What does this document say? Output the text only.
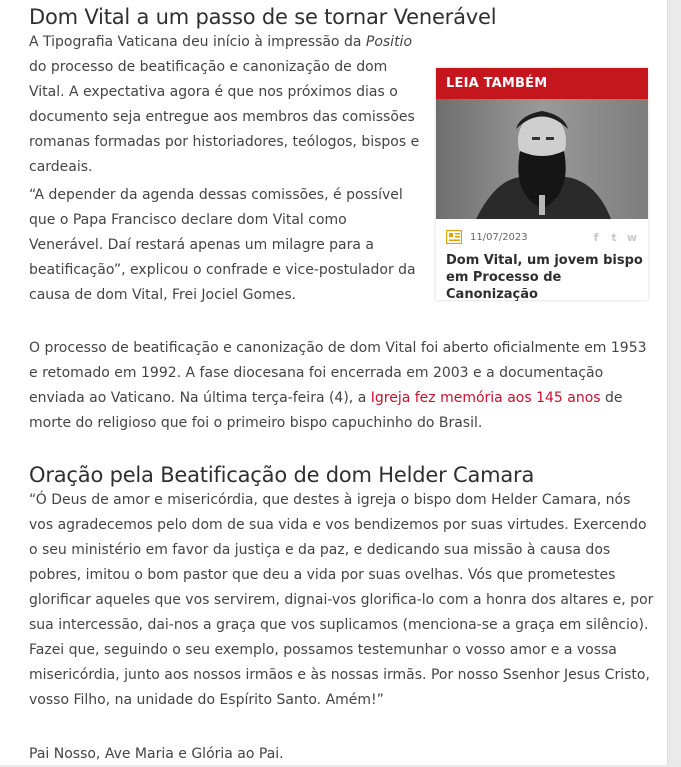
Dom Vital a um passo de se tornar Venerável

A Tipografia Vaticana deu início à impressão da Positio do processo de beatificação e canonização de dom Vital. A expectativa agora é que nos próximos dias o documento seja entregue aos membros das comissões romanas formadas por historiadores, teólogos, bispos e cardeais.

“A depender da agenda dessas comissões, é possível que o Papa Francisco declare dom Vital como Venerável. Daí restará apenas um milagre para a beatificação”, explicou o confrade e vice-postulador da causa de dom Vital, Frei Jociel Gomes.

O processo de beatificação e canonização de dom Vital foi aberto oficialmente em 1953 e retomado em 1992. A fase diocesana foi encerrada em 2003 e a documentação enviada ao Vaticano. Na última terça-feira (4), a Igreja fez memória aos 145 anos de morte do religioso que foi o primeiro bispo capuchinho do Brasil.

Oração pela Beatificação de dom Helder Camara

“Ó Deus de amor e misericórdia, que destes à igreja o bispo dom Helder Camara, nós vos agradecemos pelo dom de sua vida e vos bendizemos por suas virtudes. Exercendo o seu ministério em favor da justiça e da paz, e dedicando sua missão à causa dos pobres, imitou o bom pastor que deu a vida por suas ovelhas. Vós que prometestes glorificar aqueles que vos servirem, dignai-vos glorifica-lo com a honra dos altares e, por sua intercessão, dai-nos a graça que vos suplicamos (menciona-se a graça em silêncio). Fazei que, seguindo o seu exemplo, possamos testemunhar o vosso amor e a vossa misericórdia, junto aos nossos irmãos e às nossas irmãs. Por nosso Ssenhor Jesus Cristo, vosso Filho, na unidade do Espírito Santo. Amém!”

Pai Nosso, Ave Maria e Glória ao Pai.

LEIA TAMBÉM
11/07/2023	f	t w
Dom Vital, um jovem bispo em Processo de Canonização
